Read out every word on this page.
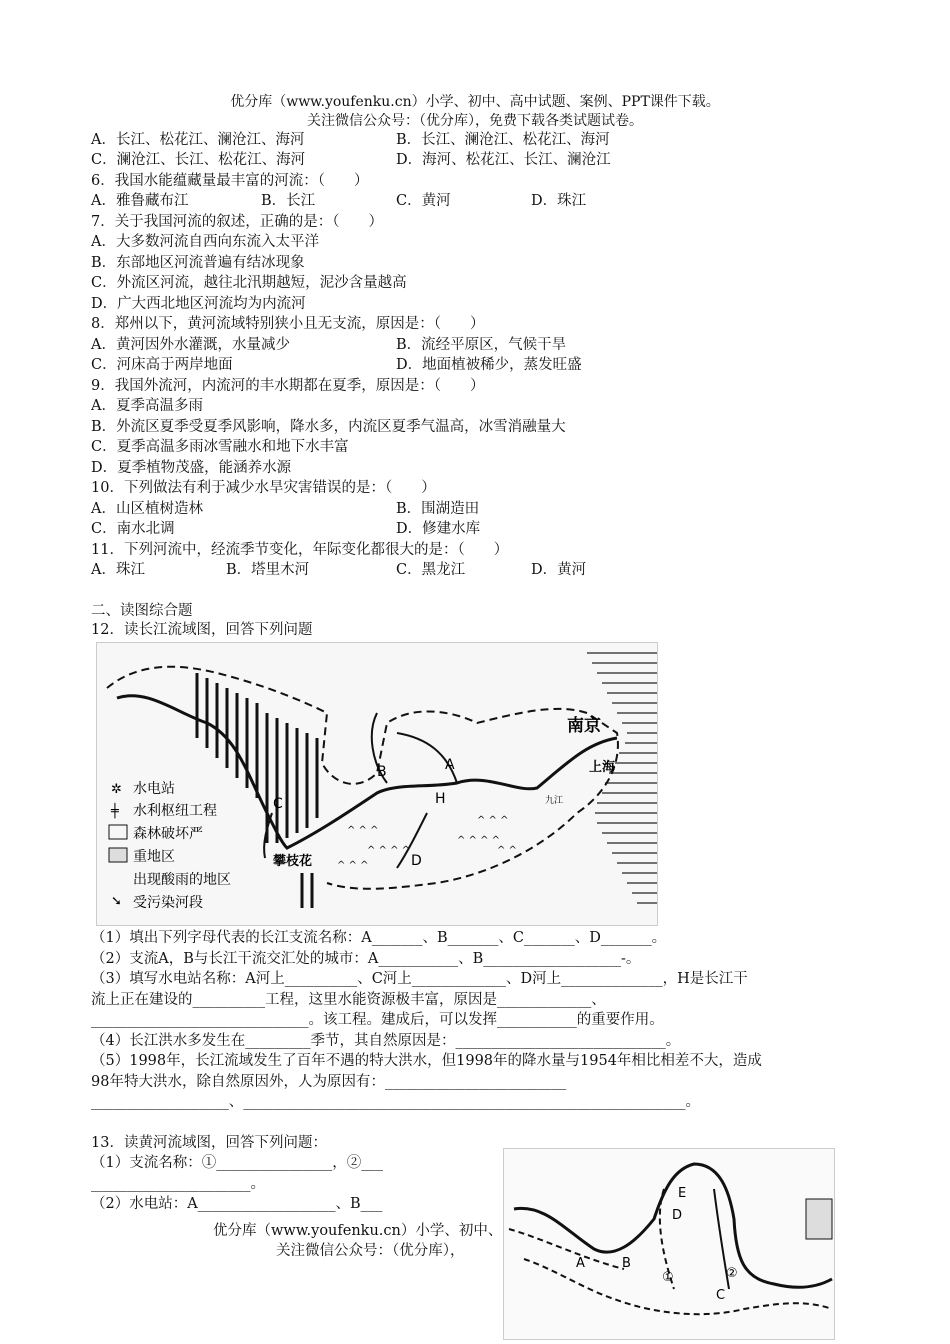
优分库（www.youfenku.cn）小学、初中、高中试题、案例、PPT课件下载。
关注微信公众号：（优分库），免费下载各类试题试卷。
A．长江、松花江、澜沧江、海河	B．长江、澜沧江、松花江、海河
C．澜沧江、长江、松花江、海河	D．海河、松花江、长江、澜沧江
6．我国水能蕴藏量最丰富的河流：（　　）
A．雅鲁藏布江	B．长江	C．黄河	D．珠江
7．关于我国河流的叙述，正确的是：（　　）
A．大多数河流自西向东流入太平洋
B．东部地区河流普遍有结冰现象
C．外流区河流，越往北汛期越短，泥沙含量越高
D．广大西北地区河流均为内流河
8．郑州以下，黄河流域特别狭小且无支流，原因是：（　　）
A．黄河因外水灌溉，水量减少	B．流经平原区，气候干旱
C．河床高于两岸地面	D．地面植被稀少，蒸发旺盛
9．我国外流河，内流河的丰水期都在夏季，原因是：（　　）
A．夏季高温多雨
B．外流区夏季受夏季风影响，降水多，内流区夏季气温高，冰雪消融量大
C．夏季高温多雨冰雪融水和地下水丰富
D．夏季植物茂盛，能涵养水源
10．下列做法有利于减少水旱灾害错误的是：（　　）
A．山区植树造林	B．围湖造田
C．南水北调	D．修建水库
11．下列河流中，经流季节变化，年际变化都很大的是：（　　）
A．珠江	B．塔里木河	C．黑龙江	D．黄河
二、读图综合题
12．读长江流域图，回答下列问题
^ ^ ^
^ ^ ^ ^
^ ^ ^
^ ^ ^
^ ^ ^ ^
^ ^
南京
上海
攀枝花
九江
A
B
C
D
H
✲ 水电站
╪ 水利枢纽工程
森林破坏严
重地区
出现酸雨的地区
➘ 受污染河段
（1）填出下列字母代表的长江支流名称：A_______、B_______、C_______、D_______。
（2）支流A，B与长江干流交汇处的城市：A___________、B___________________-。
（3）填写水电站名称：A河上__________、C河上_____________、D河上______________，H是长江干
流上正在建设的__________工程，这里水能资源极丰富，原因是_____________、
______________________________。该工程。建成后，可以发挥___________的重要作用。
（4）长江洪水多发生在_________季节，其自然原因是：_____________________________。
（5）1998年，长江流域发生了百年不遇的特大洪水，但1998年的降水量与1954年相比相差不大，造成
98年特大洪水，除自然原因外，人为原因有：_________________________
___________________、_____________________________________________________________。
13．读黄河流域图，回答下列问题：
（1）支流名称：①________________，②___
______________________。
（2）水电站：A___________________、B___
A	B
C
D
E
①	②
优分库（www.youfenku.cn）小学、初中、
关注微信公众号：（优分库），
